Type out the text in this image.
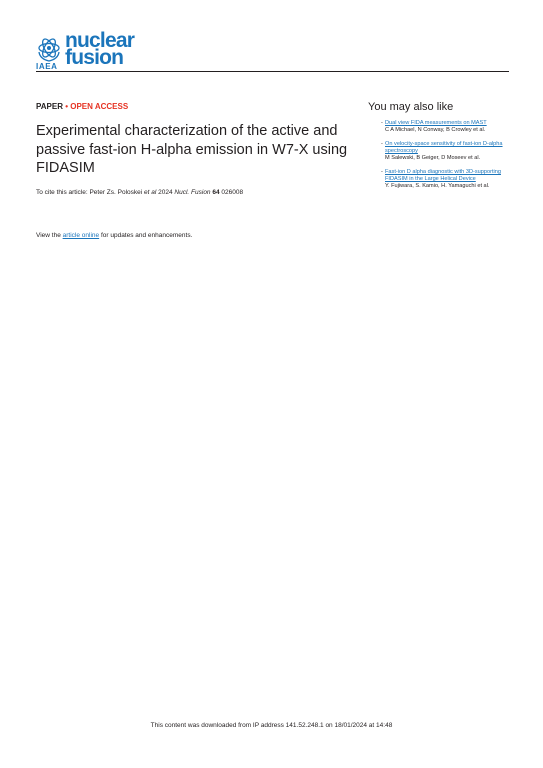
IAEA
nuclear
fusion
PAPER • OPEN ACCESS
Experimental characterization of the active and passive fast-ion H-alpha emission in W7-X using FIDASIM
To cite this article: Peter Zs. Poloskei et al 2024 Nucl. Fusion 64 026008
View the article online for updates and enhancements.
You may also like
- Dual view FIDA measurements on MAST
C A Michael, N Conway, B Crowley et al.
- On velocity-space sensitivity of fast-ion D-alpha spectroscopy
M Salewski, B Geiger, D Moseev et al.
- Fast-ion D alpha diagnostic with 3D-supporting FIDASIM in the Large Helical Device
Y. Fujiwara, S. Kamio, H. Yamaguchi et al.
This content was downloaded from IP address 141.52.248.1 on 18/01/2024 at 14:48
